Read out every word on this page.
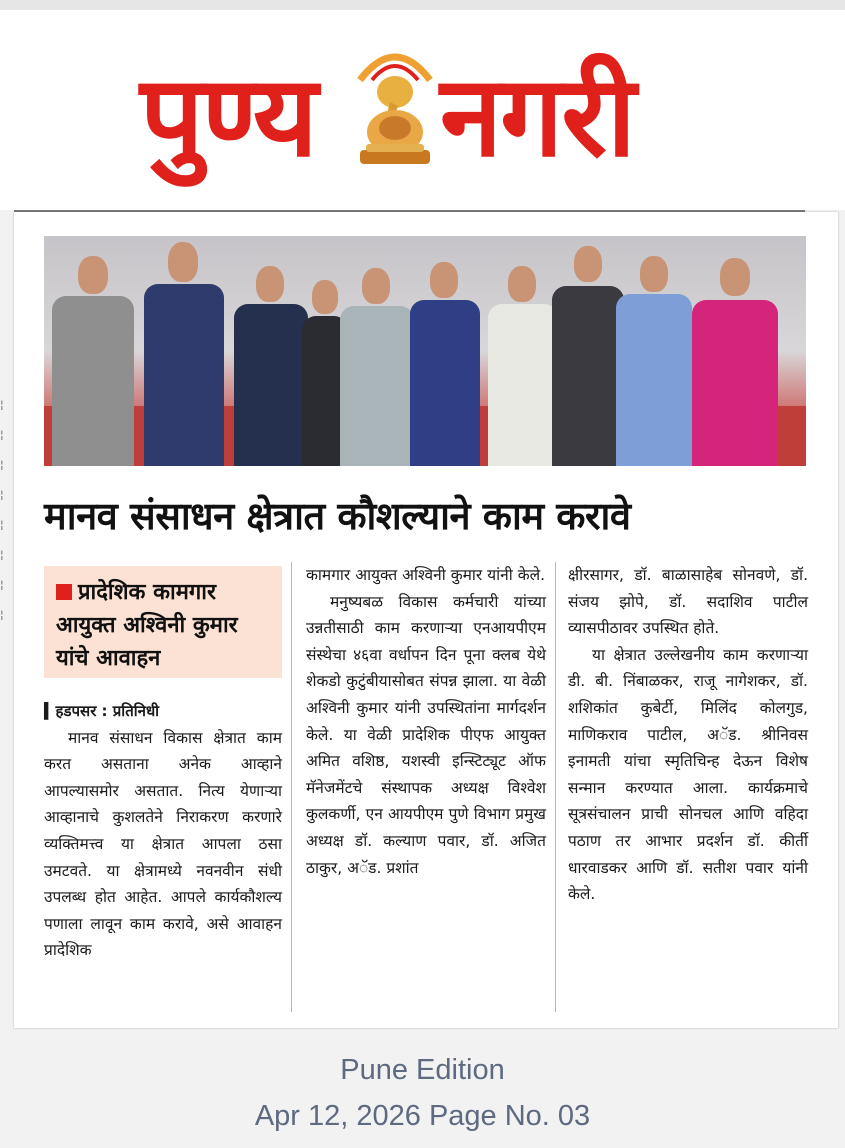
पुण्य नगरी
¦
¦
¦
¦
¦
¦
¦
¦
मानव संसाधन क्षेत्रात कौशल्याने काम करावे
प्रादेशिक कामगार आयुक्त अश्विनी कुमार यांचे आवाहन

▍हडपसर : प्रतिनिधी

मानव संसाधन विकास क्षेत्रात काम करत असताना अनेक आव्हाने आपल्यासमोर असतात. नित्य येणाऱ्या आव्हानाचे कुशलतेने निराकरण करणारे व्यक्तिमत्त्व या क्षेत्रात आपला ठसा उमटवते. या क्षेत्रामध्ये नवनवीन संधी उपलब्ध होत आहेत. आपले कार्यकौशल्य पणाला लावून काम करावे, असे आवाहन प्रादेशिक

कामगार आयुक्त अश्विनी कुमार यांनी केले.

मनुष्यबळ विकास कर्मचारी यांच्या उन्नतीसाठी काम करणाऱ्या एनआयपीएम संस्थेचा ४६वा वर्धापन दिन पूना क्लब येथे शेकडो कुटुंबीयासोबत संपन्न झाला. या वेळी अश्विनी कुमार यांनी उपस्थितांना मार्गदर्शन केले. या वेळी प्रादेशिक पीएफ आयुक्त अमित वशिष्ठ, यशस्वी इन्स्टिट्यूट ऑफ मॅनेजमेंटचे संस्थापक अध्यक्ष विश्वेश कुलकर्णी, एन आयपीएम पुणे विभाग प्रमुख अध्यक्ष डॉ. कल्याण पवार, डॉ. अजित ठाकुर, अॅड. प्रशांत

क्षीरसागर, डॉ. बाळासाहेब सोनवणे, डॉ. संजय झोपे, डॉ. सदाशिव पाटील व्यासपीठावर उपस्थित होते.

या क्षेत्रात उल्लेखनीय काम करणाऱ्या डी. बी. निंबाळकर, राजू नागेशकर, डॉ. शशिकांत कुबेर्टी, मिलिंद कोलगुड, माणिकराव पाटील, अॅड. श्रीनिवस इनामती यांचा स्मृतिचिन्ह देऊन विशेष सन्मान करण्यात आला. कार्यक्रमाचे सूत्रसंचालन प्राची सोनचल आणि वहिदा पठाण तर आभार प्रदर्शन डॉ. कीर्ती धारवाडकर आणि डॉ. सतीश पवार यांनी केले.

Pune Edition
Apr 12, 2026 Page No. 03
